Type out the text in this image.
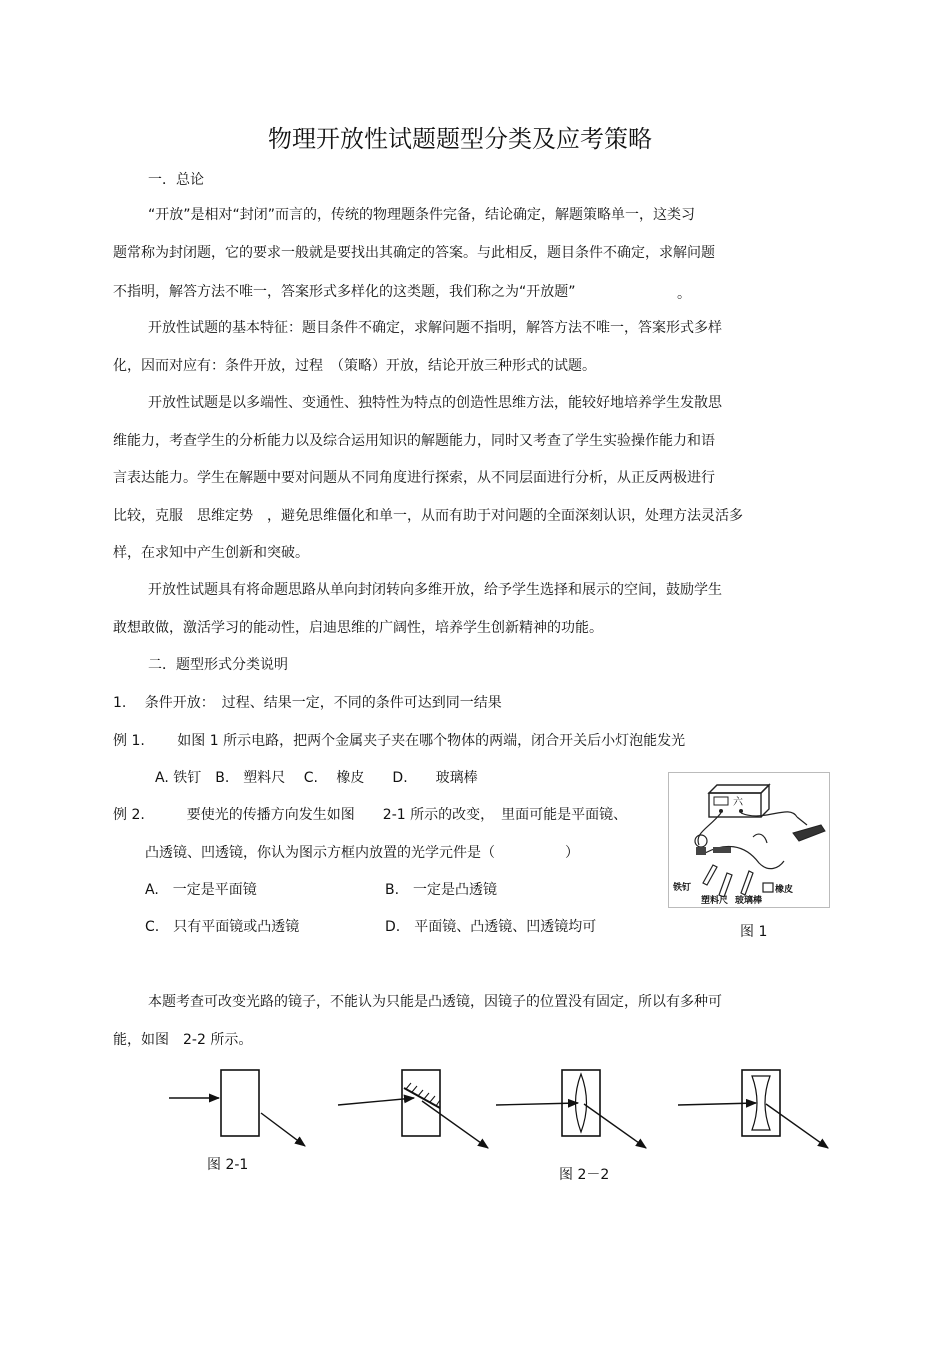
物理开放性试题题型分类及应考策略
一．总论
“开放”是相对“封闭”而言的，传统的物理题条件完备，结论确定，解题策略单一，这类习
题常称为封闭题，它的要求一般就是要找出其确定的答案。与此相反，题目条件不确定，求解问题
不指明，解答方法不唯一，答案形式多样化的这类题，我们称之为“开放题”	。
开放性试题的基本特征：题目条件不确定，求解问题不指明，解答方法不唯一，答案形式多样
化，因而对应有：条件开放，过程　（策略）开放，结论开放三种形式的试题。
开放性试题是以多端性、变通性、独特性为特点的创造性思维方法，能较好地培养学生发散思
维能力，考查学生的分析能力以及综合运用知识的解题能力，同时又考查了学生实验操作能力和语
言表达能力。学生在解题中要对问题从不同角度进行探索，从不同层面进行分析，从正反两极进行
比较，克服　思维定势　，避免思维僵化和单一，从而有助于对问题的全面深刻认识，处理方法灵活多
样，在求知中产生创新和突破。
开放性试题具有将命题思路从单向封闭转向多维开放，给予学生选择和展示的空间，鼓励学生
敢想敢做，激活学习的能动性，启迪思维的广阔性，培养学生创新精神的功能。
二．题型形式分类说明
1.　 条件开放：　过程、结果一定，不同的条件可达到同一结果
例 1.　　 如图 1 所示电路，把两个金属夹子夹在哪个物体的两端，闭合开关后小灯泡能发光
A. 铁钉　B.　塑料尺　 C.　 橡皮　　D.　　玻璃棒
例 2.　　　要使光的传播方向发生如图　　2-1 所示的改变，　里面可能是平面镜、
凸透镜、凹透镜，你认为图示方框内放置的光学元件是（　　　　　）
A.　一定是平面镜	B.　一定是凸透镜
C.　只有平面镜或凸透镜	D.　平面镜、凸透镜、凹透镜均可
六
铁钉
塑料尺 玻璃棒
橡皮
图 1
本题考查可改变光路的镜子，不能认为只能是凸透镜，因镜子的位置没有固定，所以有多种可
能，如图　2-2 所示。
图 2-1
图 2－2
